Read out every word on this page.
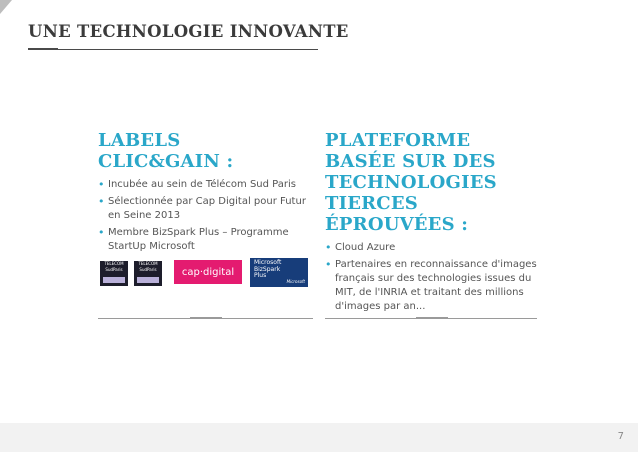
UNE TECHNOLOGIE INNOVANTE
LABELS
CLIC&GAIN :
• Incubée au sein de Télécom Sud Paris
• Sélectionnée par Cap Digital pour Futur en Seine 2013
• Membre BizSpark Plus – Programme StartUp Microsoft
TELECOM SudParis
TELECOM SudParis	cap·digital
Microsoft
BizSpark
Plus
Microsoft
PLATEFORME
BASÉE SUR DES
TECHNOLOGIES
TIERCES
ÉPROUVÉES :
• Cloud Azure
• Partenaires en reconnaissance d'images français sur des technologies issues du MIT, de l'INRIA et traitant des millions d'images par an...
7
